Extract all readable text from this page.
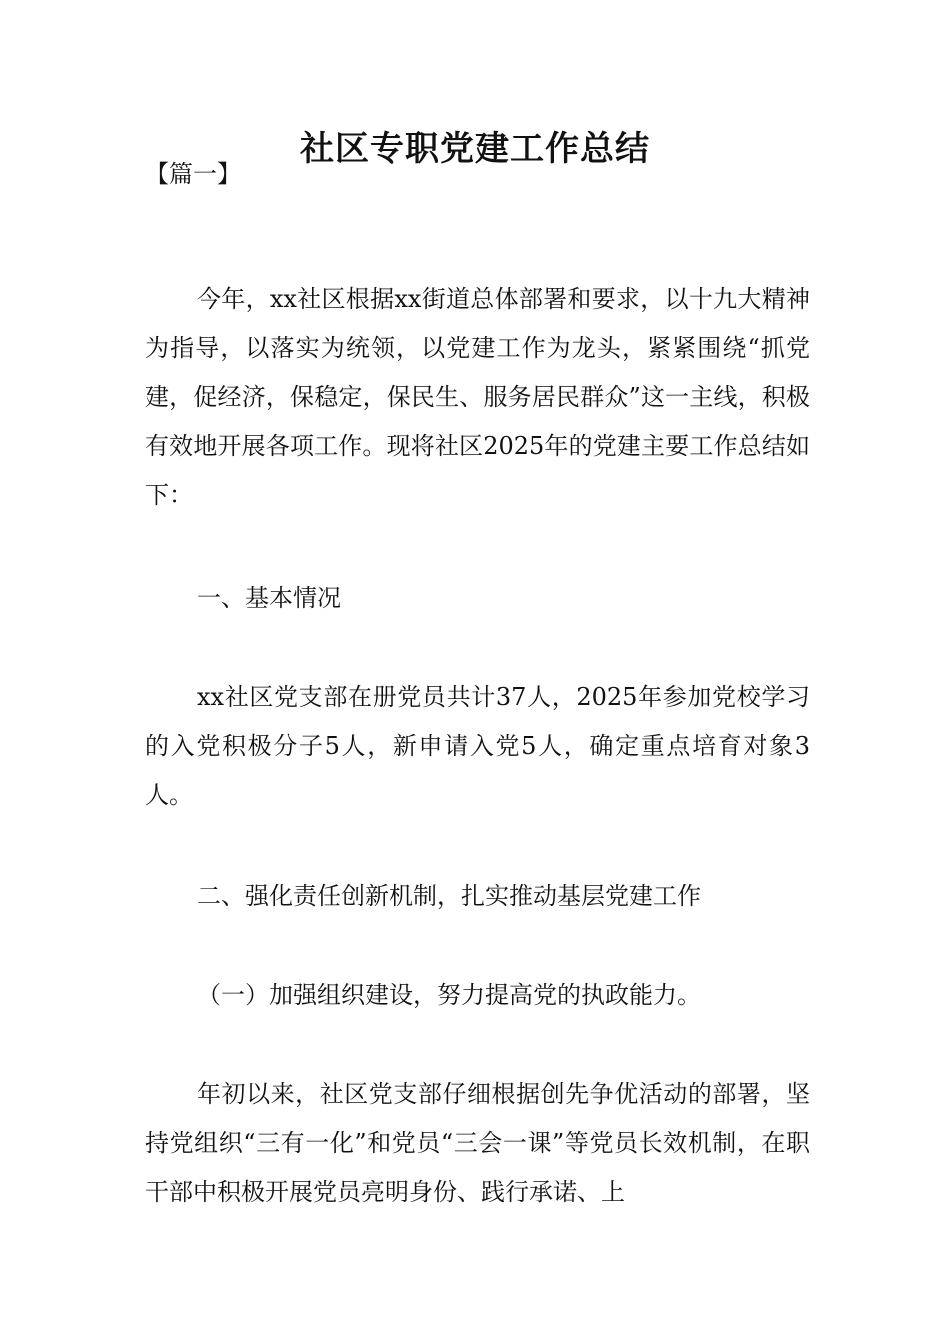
社区专职党建工作总结

【篇一】

今年，xx社区根据xx街道总体部署和要求，以十九大精神为指导，以落实为统领，以党建工作为龙头，紧紧围绕“抓党建，促经济，保稳定，保民生、服务居民群众”这一主线，积极有效地开展各项工作。现将社区2025年的党建主要工作总结如下：

一、基本情况

xx社区党支部在册党员共计37人，2025年参加党校学习的入党积极分子5人，新申请入党5人，确定重点培育对象3人。

二、强化责任创新机制，扎实推动基层党建工作

（一）加强组织建设，努力提高党的执政能力。

年初以来，社区党支部仔细根据创先争优活动的部署，坚持党组织“三有一化”和党员“三会一课”等党员长效机制，在职干部中积极开展党员亮明身份、践行承诺、上
